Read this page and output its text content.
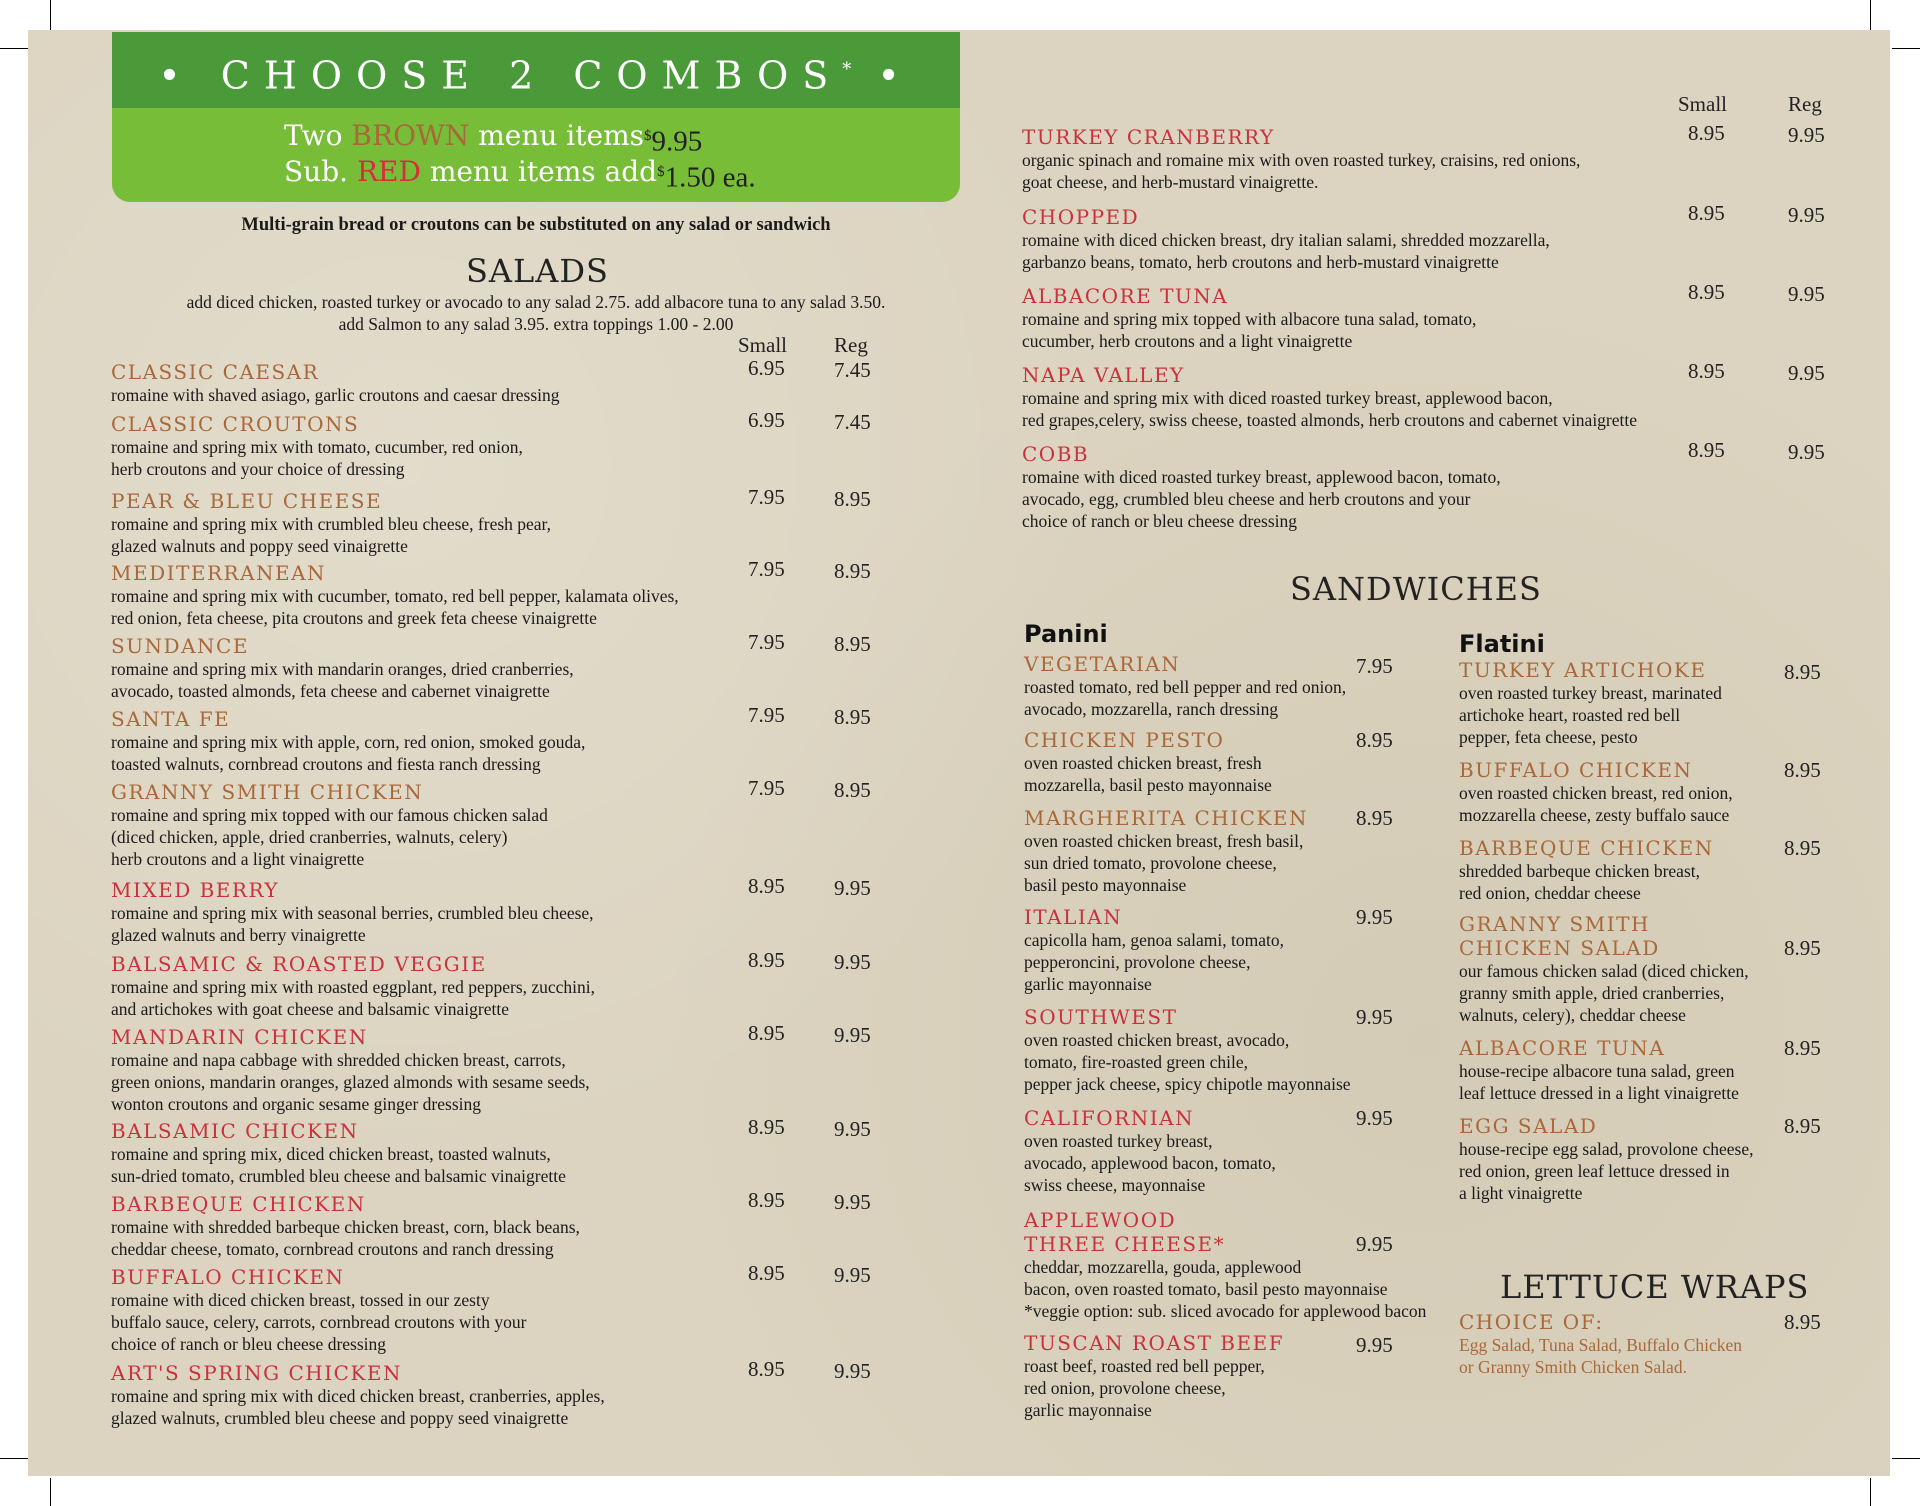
• CHOOSE 2 COMBOS* •
Two BROWN menu items $9.95
Sub. RED menu items add $1.50 ea.
Multi-grain bread or croutons can be substituted on any salad or sandwich
SALADS
add diced chicken, roasted turkey or avocado to any salad 2.75. add albacore tuna to any salad 3.50.
add Salmon to any salad 3.95. extra toppings 1.00 - 2.00
Small Reg
Small	Reg
CLASSIC CAESAR
romaine with shaved asiago, garlic croutons and caesar dressing
6.95 7.45
CLASSIC CROUTONS
romaine and spring mix with tomato, cucumber, red onion,
herb croutons and your choice of dressing
6.95 7.45
PEAR & BLEU CHEESE
romaine and spring mix with crumbled bleu cheese, fresh pear,
glazed walnuts and poppy seed vinaigrette
7.95 8.95
MEDITERRANEAN
romaine and spring mix with cucumber, tomato, red bell pepper, kalamata olives,
red onion, feta cheese, pita croutons and greek feta cheese vinaigrette
7.95 8.95
SUNDANCE
romaine and spring mix with mandarin oranges, dried cranberries,
avocado, toasted almonds, feta cheese and cabernet vinaigrette
7.95 8.95
SANTA FE
romaine and spring mix with apple, corn, red onion, smoked gouda,
toasted walnuts, cornbread croutons and fiesta ranch dressing
7.95 8.95
GRANNY SMITH CHICKEN
romaine and spring mix topped with our famous chicken salad
(diced chicken, apple, dried cranberries, walnuts, celery)
herb croutons and a light vinaigrette
7.95 8.95
MIXED BERRY
romaine and spring mix with seasonal berries, crumbled bleu cheese,
glazed walnuts and berry vinaigrette
8.95 9.95
BALSAMIC & ROASTED VEGGIE
romaine and spring mix with roasted eggplant, red peppers, zucchini,
and artichokes with goat cheese and balsamic vinaigrette
8.95 9.95
MANDARIN CHICKEN
romaine and napa cabbage with shredded chicken breast, carrots,
green onions, mandarin oranges, glazed almonds with sesame seeds,
wonton croutons and organic sesame ginger dressing
8.95 9.95
BALSAMIC CHICKEN
romaine and spring mix, diced chicken breast, toasted walnuts,
sun-dried tomato, crumbled bleu cheese and balsamic vinaigrette
8.95 9.95
BARBEQUE CHICKEN
romaine with shredded barbeque chicken breast, corn, black beans,
cheddar cheese, tomato, cornbread croutons and ranch dressing
8.95 9.95
BUFFALO CHICKEN
romaine with diced chicken breast, tossed in our zesty
buffalo sauce, celery, carrots, cornbread croutons with your
choice of ranch or bleu cheese dressing
8.95 9.95
ART'S SPRING CHICKEN
romaine and spring mix with diced chicken breast, cranberries, apples,
glazed walnuts, crumbled bleu cheese and poppy seed vinaigrette
8.95 9.95
TURKEY CRANBERRY
organic spinach and romaine mix with oven roasted turkey, craisins, red onions,
goat cheese, and herb-mustard vinaigrette.
8.95	9.95
CHOPPED
romaine with diced chicken breast, dry italian salami, shredded mozzarella,
garbanzo beans, tomato, herb croutons and herb-mustard vinaigrette
8.95	9.95
ALBACORE TUNA
romaine and spring mix topped with albacore tuna salad, tomato,
cucumber, herb croutons and a light vinaigrette
8.95	9.95
NAPA VALLEY
romaine and spring mix with diced roasted turkey breast, applewood bacon,
red grapes,celery, swiss cheese, toasted almonds, herb croutons and cabernet vinaigrette
8.95	9.95
COBB
romaine with diced roasted turkey breast, applewood bacon, tomato,
avocado, egg, crumbled bleu cheese and herb croutons and your
choice of ranch or bleu cheese dressing
8.95	9.95
SANDWICHES
Panini	Flatini
VEGETARIAN
roasted tomato, red bell pepper and red onion,
avocado, mozzarella, ranch dressing
7.95
CHICKEN PESTO
oven roasted chicken breast, fresh
mozzarella, basil pesto mayonnaise
8.95
MARGHERITA CHICKEN
oven roasted chicken breast, fresh basil,
sun dried tomato, provolone cheese,
basil pesto mayonnaise
8.95
ITALIAN
capicolla ham, genoa salami, tomato,
pepperoncini, provolone cheese,
garlic mayonnaise
9.95
SOUTHWEST
oven roasted chicken breast, avocado,
tomato, fire-roasted green chile,
pepper jack cheese, spicy chipotle mayonnaise
9.95
CALIFORNIAN
oven roasted turkey breast,
avocado, applewood bacon, tomato,
swiss cheese, mayonnaise
9.95
APPLEWOOD
THREE CHEESE*
cheddar, mozzarella, gouda, applewood
bacon, oven roasted tomato, basil pesto mayonnaise
*veggie option: sub. sliced avocado for applewood bacon
9.95
TUSCAN ROAST BEEF
roast beef, roasted red bell pepper,
red onion, provolone cheese,
garlic mayonnaise
9.95
TURKEY ARTICHOKE
oven roasted turkey breast, marinated
artichoke heart, roasted red bell
pepper, feta cheese, pesto
8.95
BUFFALO CHICKEN
oven roasted chicken breast, red onion,
mozzarella cheese, zesty buffalo sauce
8.95
BARBEQUE CHICKEN
shredded barbeque chicken breast,
red onion, cheddar cheese
8.95
GRANNY SMITH
CHICKEN SALAD
our famous chicken salad (diced chicken,
granny smith apple, dried cranberries,
walnuts, celery), cheddar cheese
8.95
ALBACORE TUNA
house-recipe albacore tuna salad, green
leaf lettuce dressed in a light vinaigrette
8.95
EGG SALAD
house-recipe egg salad, provolone cheese,
red onion, green leaf lettuce dressed in
a light vinaigrette
8.95
LETTUCE WRAPS
CHOICE OF:
Egg Salad, Tuna Salad, Buffalo Chicken
or Granny Smith Chicken Salad.
8.95
